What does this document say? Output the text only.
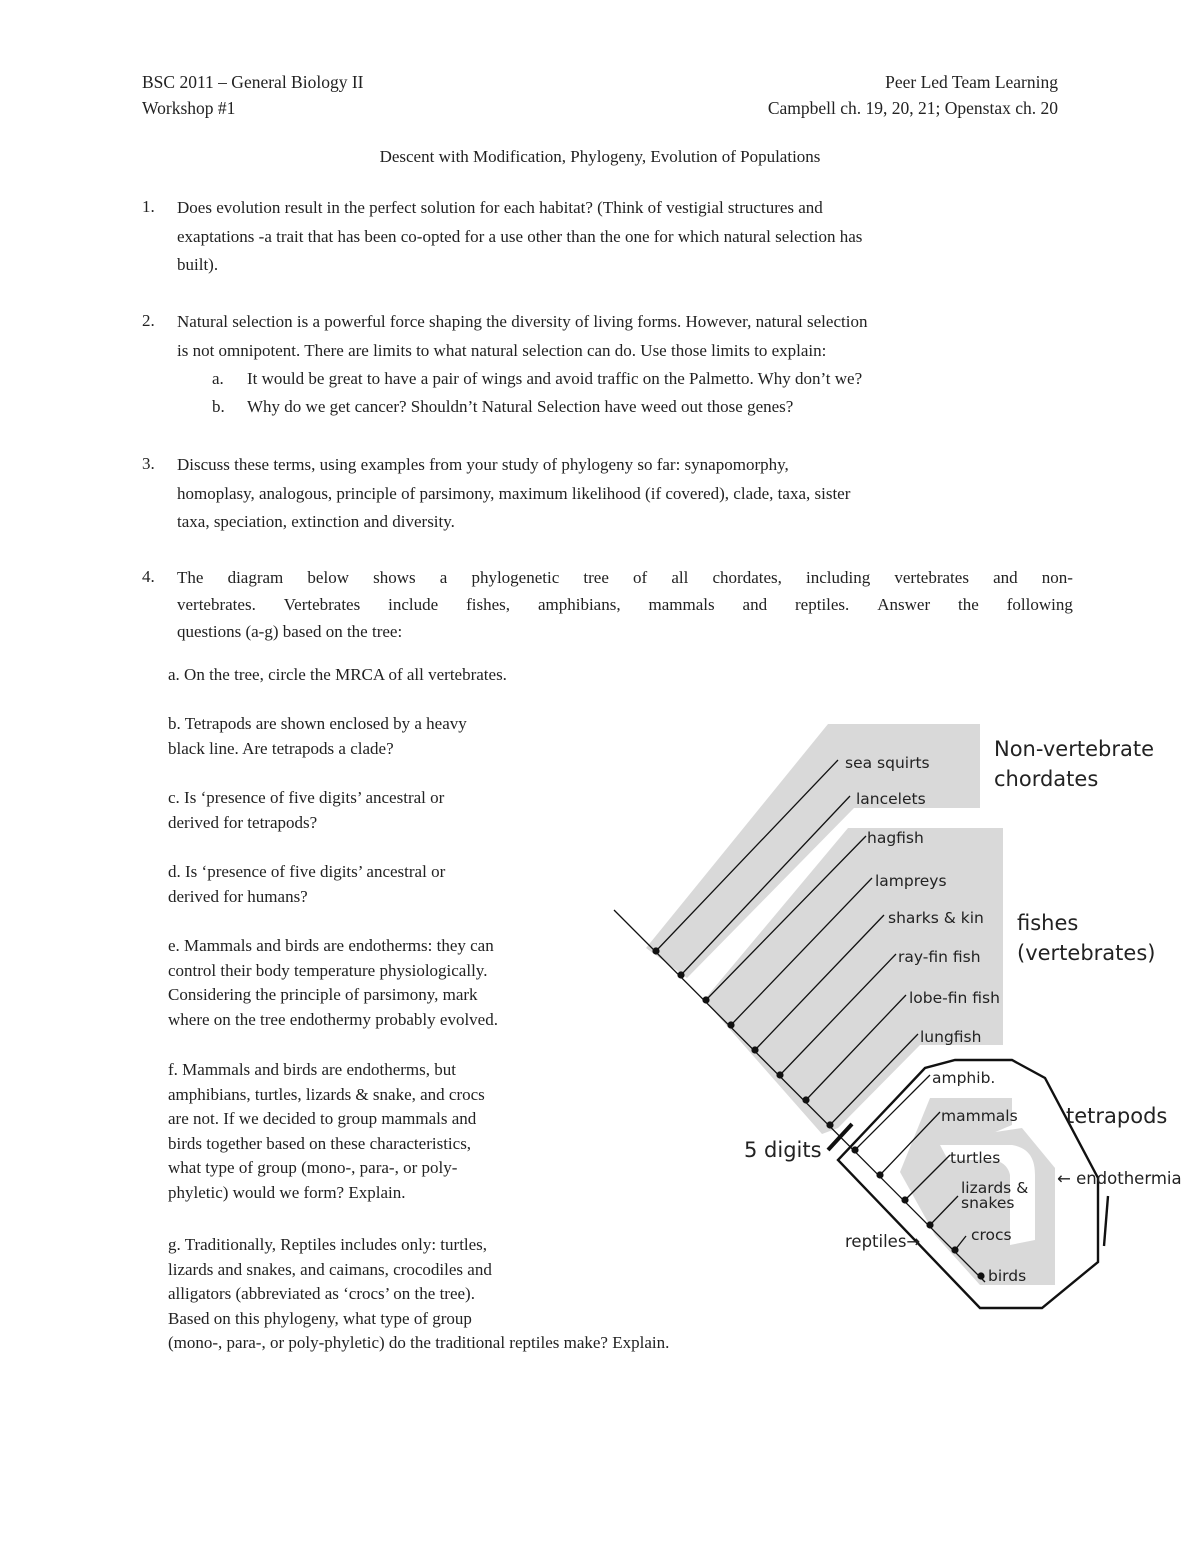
BSC 2011 – General Biology II
Workshop #1
Peer Led Team Learning
Campbell ch. 19, 20, 21; Openstax ch. 20
Descent with Modification, Phylogeny, Evolution of Populations
1. Does evolution result in the perfect solution for each habitat? (Think of vestigial structures and
exaptations -a trait that has been co-opted for a use other than the one for which natural selection has
built).
2. Natural selection is a powerful force shaping the diversity of living forms. However, natural selection
is not omnipotent. There are limits to what natural selection can do. Use those limits to explain:
a. It would be great to have a pair of wings and avoid traffic on the Palmetto. Why don’t we?
b. Why do we get cancer? Shouldn’t Natural Selection have weed out those genes?
3. Discuss these terms, using examples from your study of phylogeny so far: synapomorphy,
homoplasy, analogous, principle of parsimony, maximum likelihood (if covered), clade, taxa, sister
taxa, speciation, extinction and diversity.
4. The diagram below shows a phylogenetic tree of all chordates, including vertebrates and non-
vertebrates. Vertebrates include fishes, amphibians, mammals and reptiles. Answer the following
questions (a-g) based on the tree:
a. On the tree, circle the MRCA of all vertebrates.
b. Tetrapods are shown enclosed by a heavy
black line. Are tetrapods a clade?
c. Is ‘presence of five digits’ ancestral or
derived for tetrapods?
d. Is ‘presence of five digits’ ancestral or
derived for humans?
e. Mammals and birds are endotherms: they can
control their body temperature physiologically.
Considering the principle of parsimony, mark
where on the tree endothermy probably evolved.
f. Mammals and birds are endotherms, but
amphibians, turtles, lizards & snake, and crocs
are not. If we decided to group mammals and
birds together based on these characteristics,
what type of group (mono-, para-, or poly-
phyletic) would we form? Explain.
g. Traditionally, Reptiles includes only: turtles,
lizards and snakes, and caimans, crocodiles and
alligators (abbreviated as ‘crocs’ on the tree).
Based on this phylogeny, what type of group
(mono-, para-, or poly-phyletic) do the traditional reptiles make? Explain.
sea squirts
lancelets
hagfish
lampreys
sharks & kin
ray-fin fish
lobe-fin fish
lungfish
amphib.
mammals
turtles
lizards &
snakes
crocs
birds
Non-vertebrate
chordates
fishes
(vertebrates)
tetrapods
5 digits
← endothermia
reptiles→
